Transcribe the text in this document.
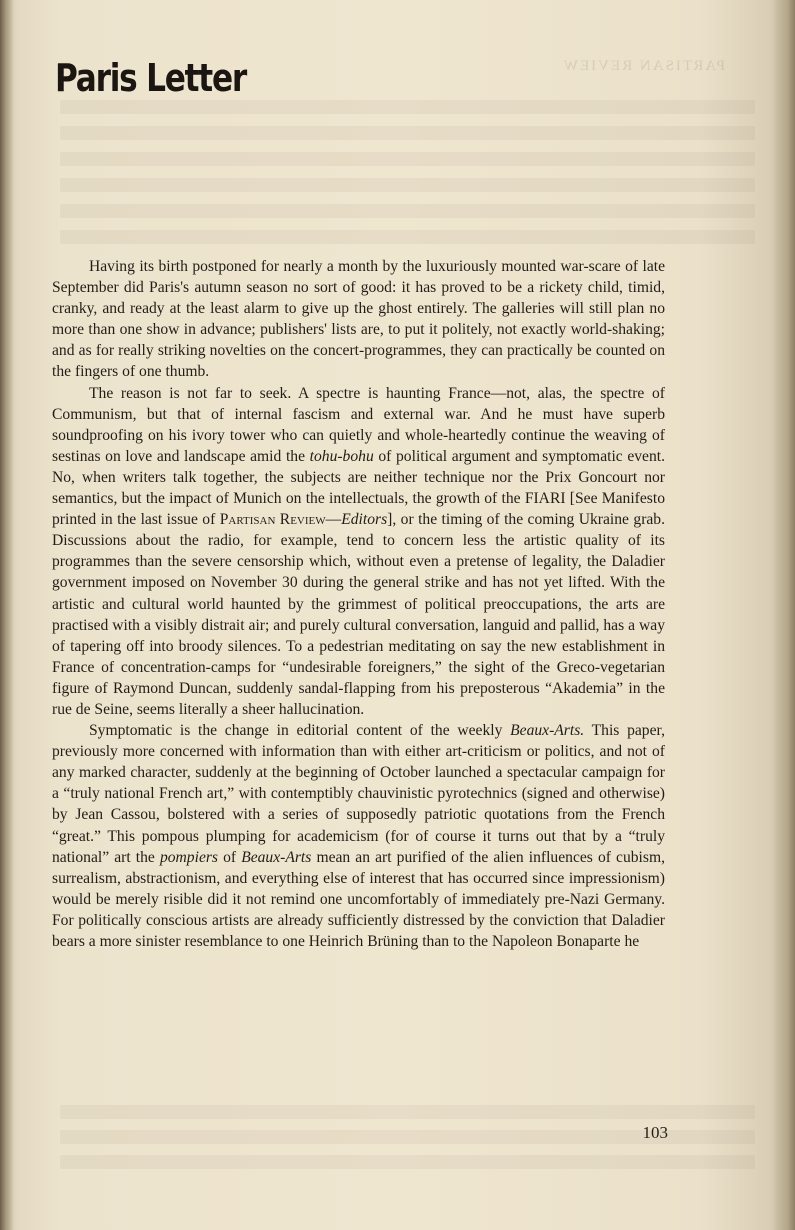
PARTISAN REVIEW
Paris Letter

Having its birth postponed for nearly a month by the luxuriously mounted war-scare of late September did Paris's autumn season no sort of good: it has proved to be a rickety child, timid, cranky, and ready at the least alarm to give up the ghost entirely. The galleries will still plan no more than one show in advance; publishers' lists are, to put it politely, not exactly world-shaking; and as for really striking novelties on the concert-programmes, they can practically be counted on the fingers of one thumb.

The reason is not far to seek. A spectre is haunting France—not, alas, the spectre of Communism, but that of internal fascism and external war. And he must have superb soundproofing on his ivory tower who can quietly and whole-heartedly continue the weaving of sestinas on love and landscape amid the tohu-bohu of political argument and symptomatic event. No, when writers talk together, the subjects are neither technique nor the Prix Goncourt nor semantics, but the impact of Munich on the intellectuals, the growth of the FIARI [See Manifesto printed in the last issue of Partisan Review—Editors], or the timing of the coming Ukraine grab. Discussions about the radio, for example, tend to concern less the artistic quality of its programmes than the severe censorship which, without even a pretense of legality, the Daladier government imposed on November 30 during the general strike and has not yet lifted. With the artistic and cultural world haunted by the grimmest of political preoccupations, the arts are practised with a visibly distrait air; and purely cultural conversation, languid and pallid, has a way of tapering off into broody silences. To a pedestrian meditating on say the new establishment in France of concentration-camps for “undesirable foreigners,” the sight of the Greco-vegetarian figure of Raymond Duncan, suddenly sandal-flapping from his preposterous “Akademia” in the rue de Seine, seems literally a sheer hallucination.

Symptomatic is the change in editorial content of the weekly Beaux-Arts. This paper, previously more concerned with information than with either art-criticism or politics, and not of any marked character, suddenly at the beginning of October launched a spectacular campaign for a “truly national French art,” with contemptibly chauvinistic pyrotechnics (signed and otherwise) by Jean Cassou, bolstered with a series of supposedly patriotic quotations from the French “great.” This pompous plumping for academicism (for of course it turns out that by a “truly national” art the pompiers of Beaux-Arts mean an art purified of the alien influences of cubism, surrealism, abstractionism, and everything else of interest that has occurred since impressionism) would be merely risible did it not remind one uncomfortably of immediately pre-Nazi Germany. For politically conscious artists are already sufficiently distressed by the conviction that Daladier bears a more sinister resemblance to one Heinrich Brüning than to the Napoleon Bonaparte he

103
